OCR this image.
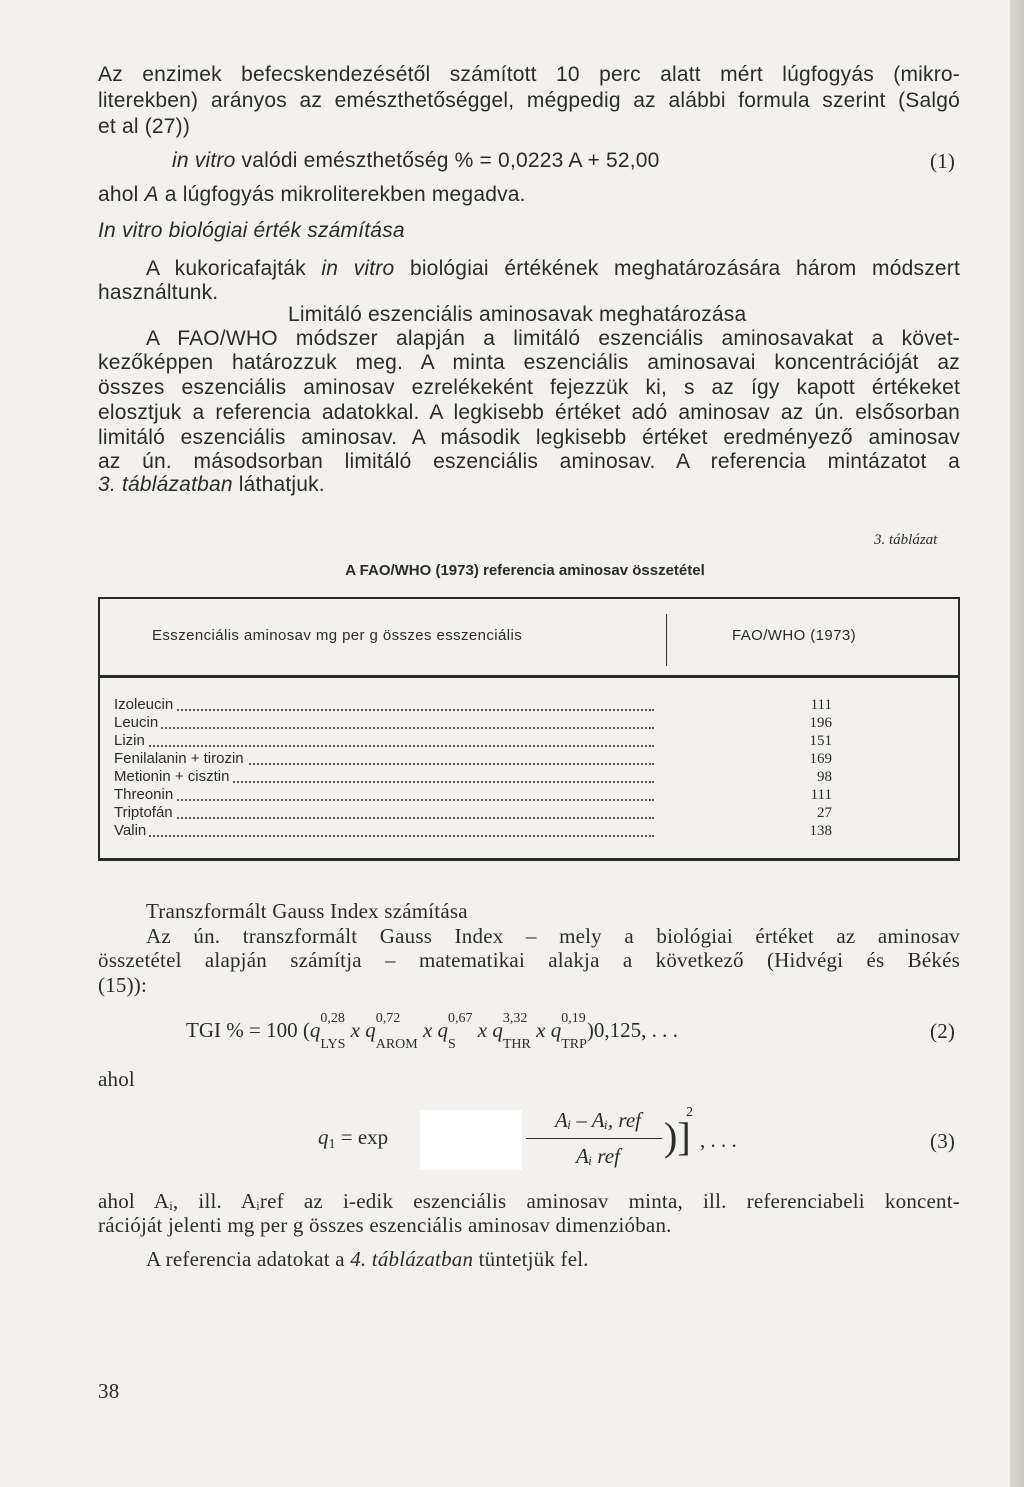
Az enzimek befecskendezésétől számított 10 perc alatt mért lúgfogyás (mikro-
literekben) arányos az emészthetőséggel, mégpedig az alábbi formula szerint (Salgó
et al (27))
in vitro valódi emészthetőség % = 0,0223 A + 52,00	(1)
ahol A a lúgfogyás mikroliterekben megadva.
In vitro biológiai érték számítása
A kukoricafajták in vitro biológiai értékének meghatározására három módszert
használtunk.
Limitáló eszenciális aminosavak meghatározása
A FAO/WHO módszer alapján a limitáló eszenciális aminosavakat a követ-
kezőképpen határozzuk meg. A minta eszenciális aminosavai koncentrációját az
összes eszenciális aminosav ezrelékeként fejezzük ki, s az így kapott értékeket
elosztjuk a referencia adatokkal. A legkisebb értéket adó aminosav az ún. elsősorban
limitáló eszenciális aminosav. A második legkisebb értéket eredményező aminosav
az ún. másodsorban limitáló eszenciális aminosav. A referencia mintázatot a
3. táblázatban láthatjuk.
3. táblázat
A FAO/WHO (1973) referencia aminosav összetétel
Esszenciális aminosav mg per g összes esszenciális	FAO/WHO (1973)
Izoleucin	111
Leucin	196
Lizin	151
Fenilalanin + tirozin	169
Metionin + cisztin	98
Threonin	111
Triptofán	27
Valin	138
Transzformált Gauss Index számítása
Az ún. transzformált Gauss Index – mely a biológiai értéket az aminosav
összetétel alapján számítja – matematikai alakja a következő (Hidvégi és Békés
(15)):
TGI % = 100 (q 0,28
LYS
x q 0,72
AROM
x q 0,67
S
x q 3,32
THR
x q 0,19
TRP
)0,125, . . .	(2)
ahol
q1 = exp
Aᵢ – Aᵢ, ref
Aᵢ ref	)]
2
, . . .	(3)
ahol Aᵢ, ill. Aᵢref az i-edik eszenciális aminosav minta, ill. referenciabeli koncent-
rációját jelenti mg per g összes eszenciális aminosav dimenzióban.
A referencia adatokat a 4. táblázatban tüntetjük fel.
38
